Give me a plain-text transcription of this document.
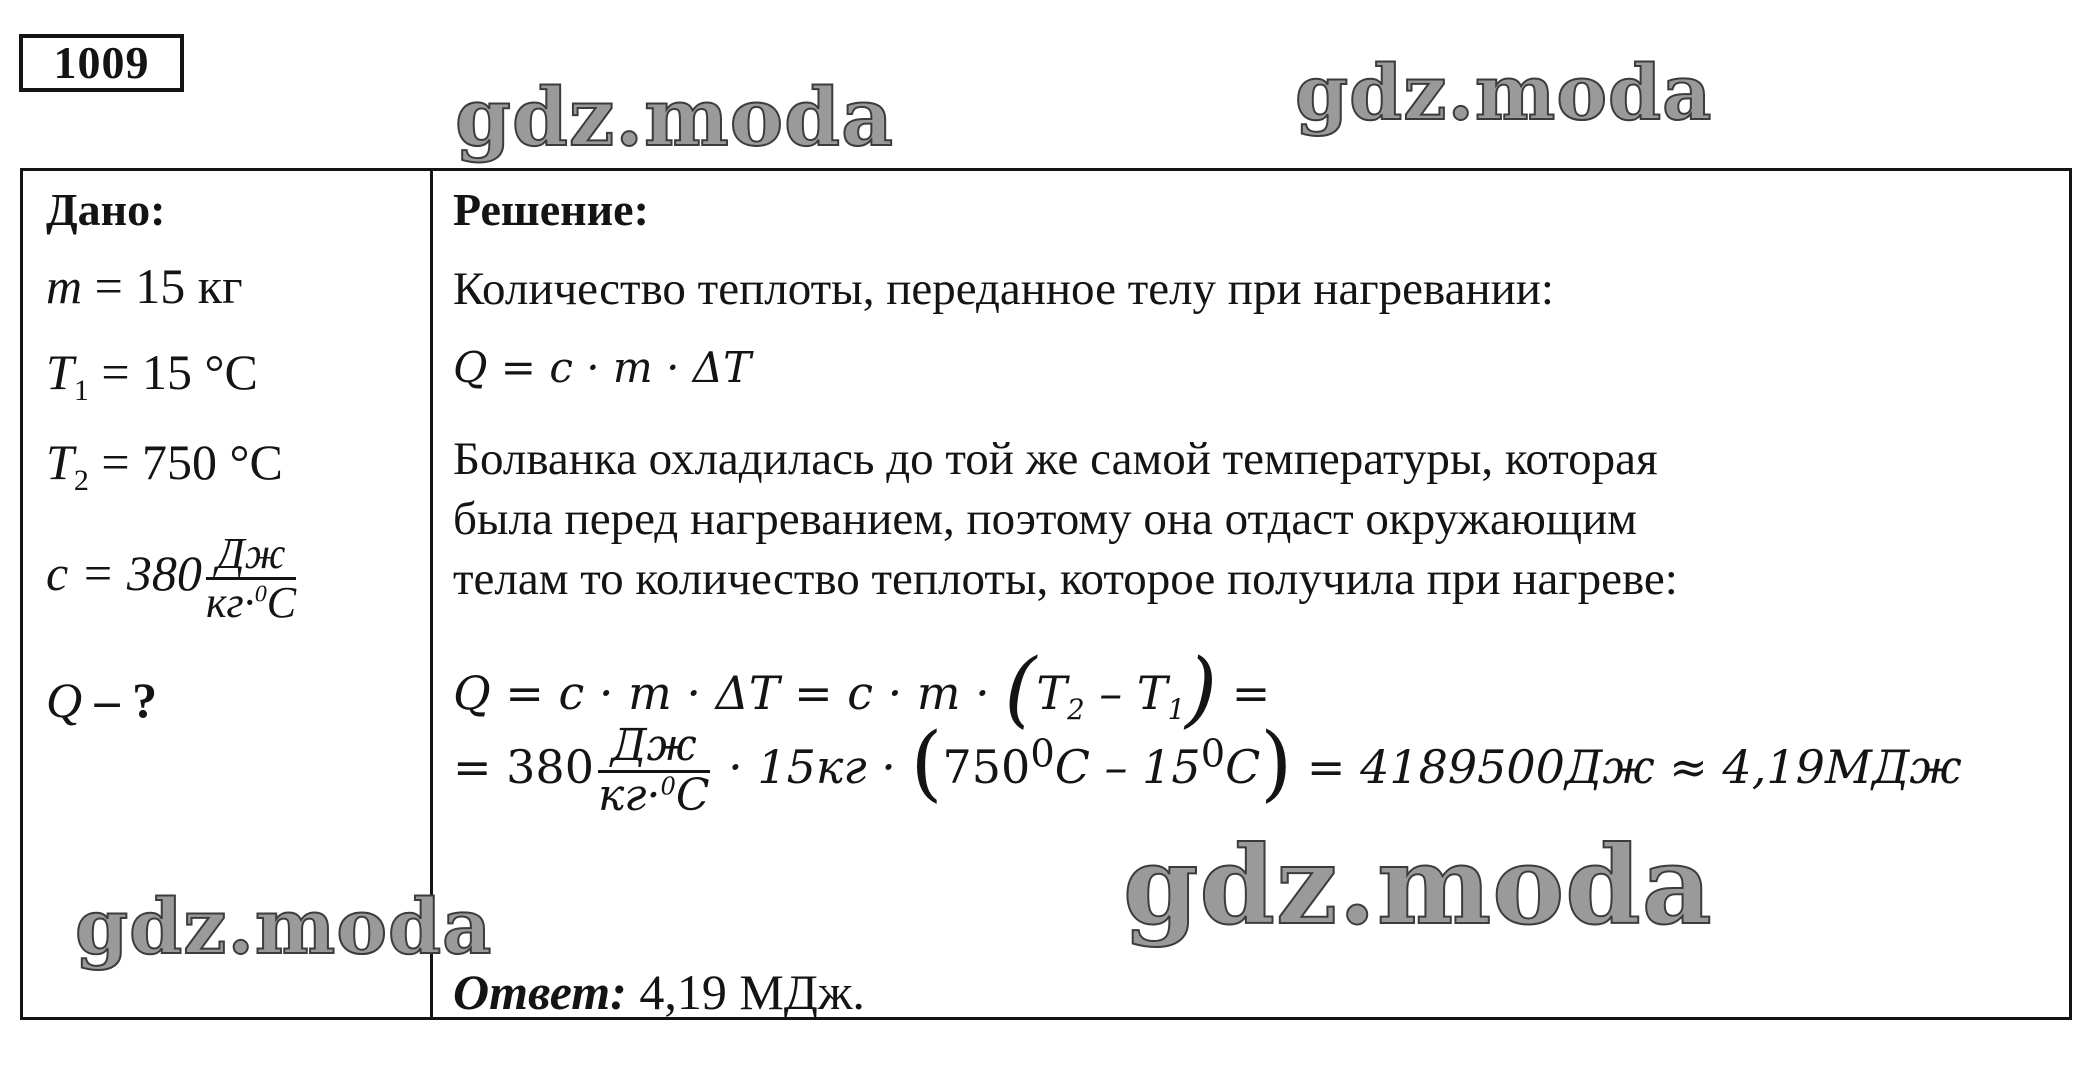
1009
gdz.moda	gdz.moda
Дано:
m = 15 кг
$T_1 = 15$ °C
$T_2 = 750$ °C
$c = 380 \frac{Дж}{кг\cdot^0C}$
Q – ?
Решение:
Количество теплоты, переданное телу при нагревании:
Q = c · m · ΔT
Болванка охладилась до той же самой температуры, которая
была перед нагреванием, поэтому она отдаст окружающим
телам то количество теплоты, которое получила при нагреве:
$Q = c \cdot m \cdot \Delta T = c \cdot m \cdot (T_2 - T_1)$ =
= $380 \frac{Дж}{кг\cdot^0C} \cdot 15кг \cdot (750^0C - 15^0C) = 4189500Дж \approx 4,19МДж$
Ответ: 4,19 МДж.
gdz.moda	gdz.moda
